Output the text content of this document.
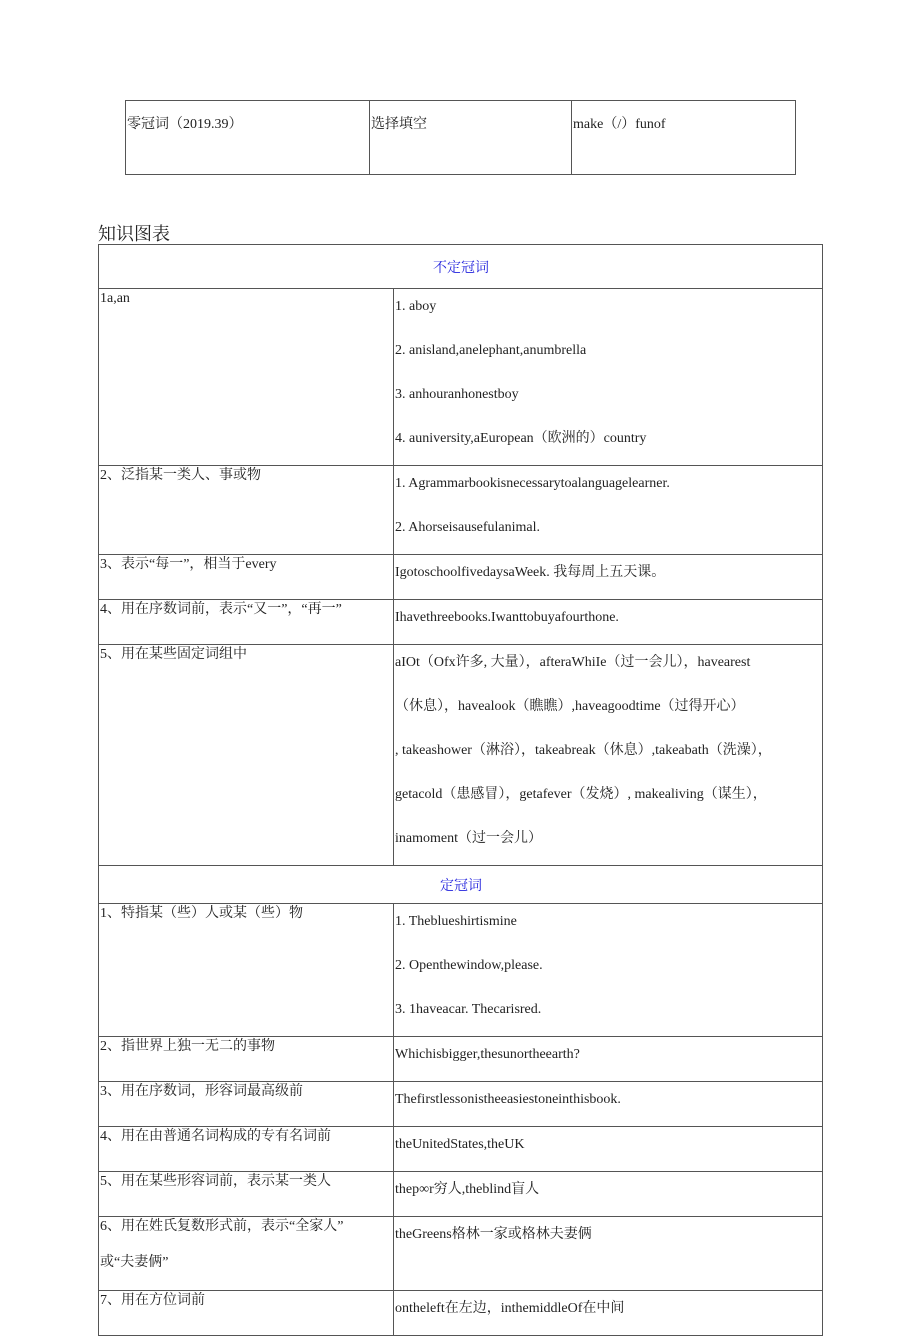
零冠词（2019.39）	选择填空	make（/）funof
知识图表
不定冠词	

1a,an	1. aboy
2. anisland,anelephant,anumbrella
3. anhouranhonestboy
4. auniversity,aEuropean（欧洲的）country

2、泛指某一类人、事或物	1. Agrammarbookisnecessarytoalanguagelearner.
2. Ahorseisausefulanimal.

3、表示“每一”，相当于every	IgotoschoolfivedaysaWeek. 我每周上五天课。

4、用在序数词前，表示“又一”，“再一”	Ihavethreebooks.Iwanttobuyafourthone.

5、用在某些固定词组中	aIOt（Ofx许多, 大量），afteraWhiIe（过一会儿），havearest
（休息），havealook（瞧瞧）,haveagoodtime（过得开心）
, takeashower（淋浴），takeabreak（休息）,takeabath（洗澡），
getacold（患感冒），getafever（发烧）, makealiving（谋生），
inamoment（过一会儿）

定冠词	

1、特指某（些）人或某（些）物	1. Theblueshirtismine
2. Openthewindow,please.
3. 1haveacar. Thecarisred.

2、指世界上独一无二的事物	Whichisbigger,thesunortheearth?

3、用在序数词，形容词最高级前	Thefirstlessonistheeasiestoneinthisbook.

4、用在由普通名词构成的专有名词前	theUnitedStates,theUK

5、用在某些形容词前，表示某一类人	thep∞r穷人,theblind盲人

6、用在姓氏复数形式前，表示“全家人”
或“夫妻俩”	theGreens格林一家或格林夫妻俩

7、用在方位词前	ontheleft在左边，inthemiddleOf在中间
